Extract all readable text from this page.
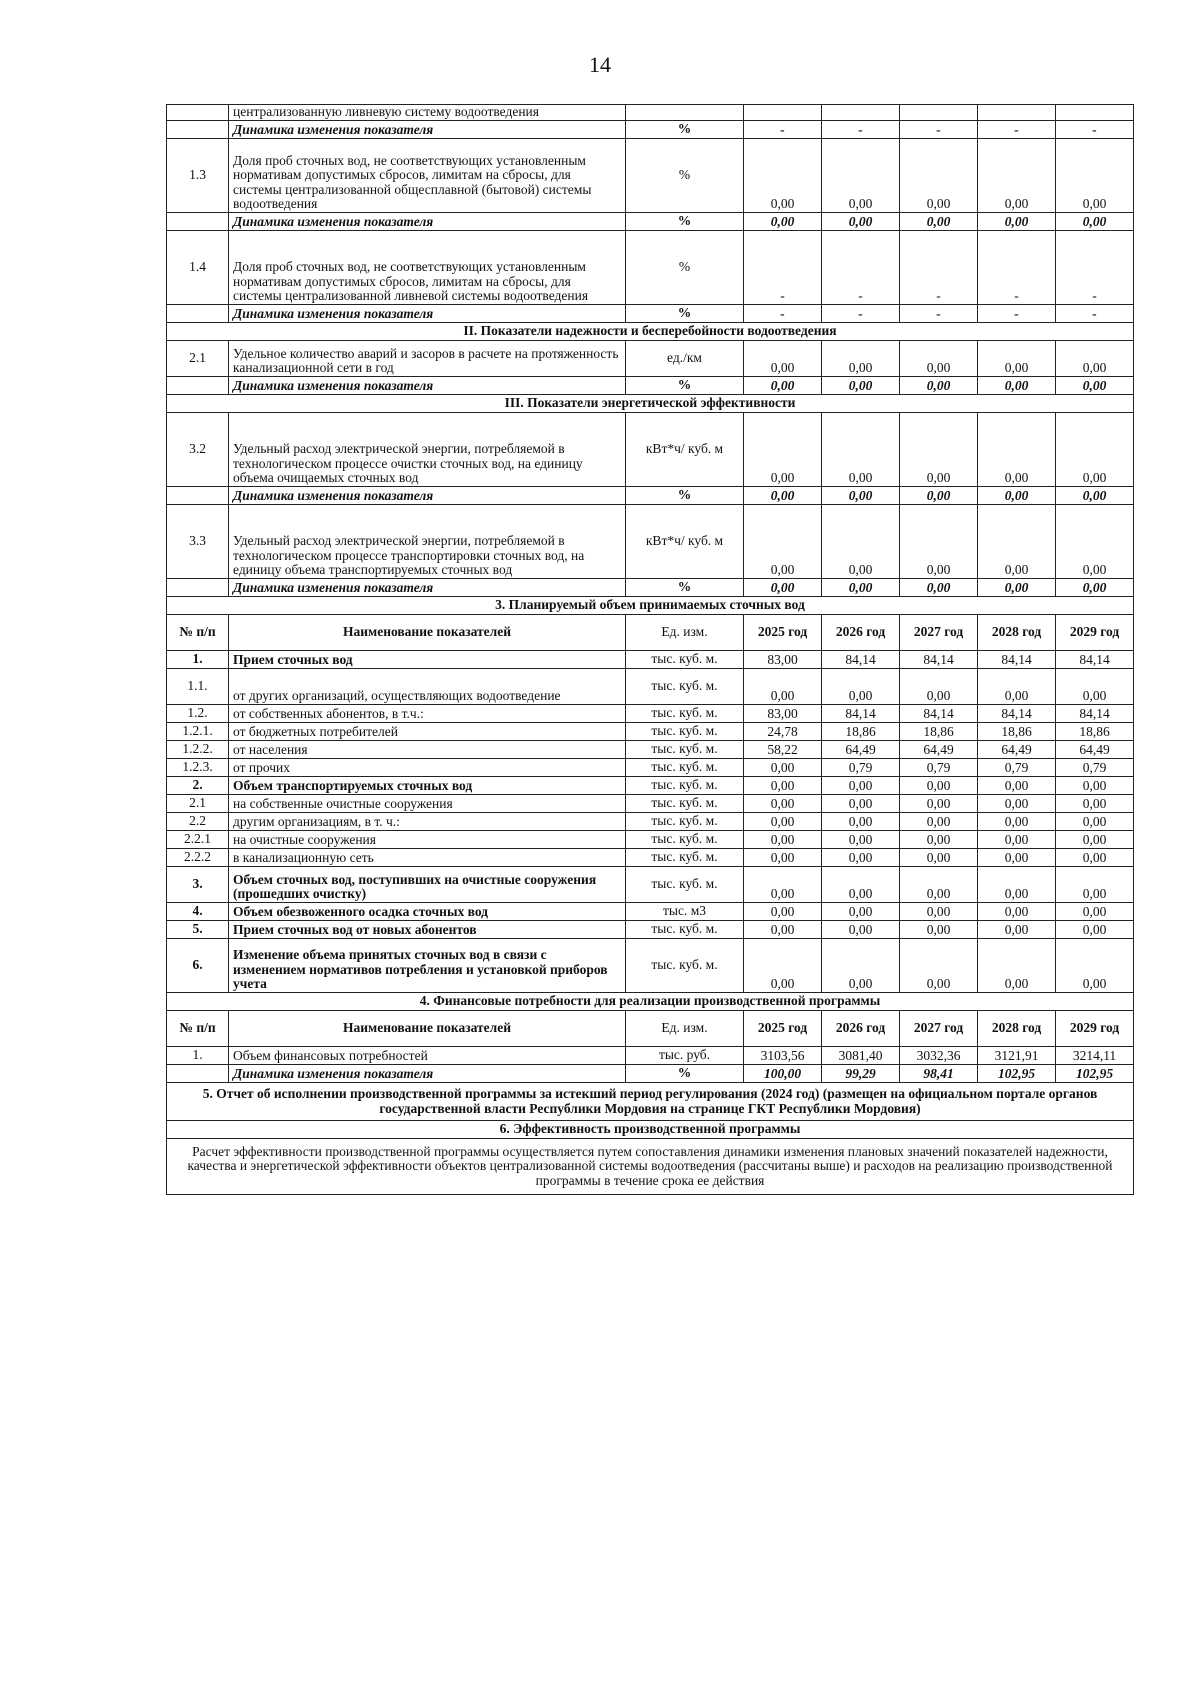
14
	централизованную ливневую систему водоотведения						
	Динамика изменения показателя	%	-	-	-	-	-
1.3	Доля проб сточных вод, не соответствующих установленным нормативам допустимых сбросов, лимитам на сбросы, для системы централизованной общесплавной (бытовой) системы водоотведения	%	0,00	0,00	0,00	0,00	0,00
	Динамика изменения показателя	%	0,00	0,00	0,00	0,00	0,00
1.4	Доля проб сточных вод, не соответствующих установленным нормативам допустимых сбросов, лимитам на сбросы, для системы централизованной ливневой системы водоотведения	%	-	-	-	-	-
	Динамика изменения показателя	%	-	-	-	-	-
II. Показатели надежности и бесперебойности водоотведения							
2.1	Удельное количество аварий и засоров в расчете на протяженность канализационной сети в год	ед./км	0,00	0,00	0,00	0,00	0,00
	Динамика изменения показателя	%	0,00	0,00	0,00	0,00	0,00
III. Показатели энергетической эффективности							
3.2	Удельный расход электрической энергии, потребляемой в технологическом процессе очистки сточных вод, на единицу объема очищаемых сточных вод	кВт*ч/ куб. м	0,00	0,00	0,00	0,00	0,00
	Динамика изменения показателя	%	0,00	0,00	0,00	0,00	0,00
3.3	Удельный расход электрической энергии, потребляемой в технологическом процессе транспортировки сточных вод, на единицу объема транспортируемых сточных вод	кВт*ч/ куб. м	0,00	0,00	0,00	0,00	0,00
	Динамика изменения показателя	%	0,00	0,00	0,00	0,00	0,00
3. Планируемый объем принимаемых сточных вод							
№ п/п	Наименование показателей	Ед. изм.	2025 год	2026 год	2027 год	2028 год	2029 год
1.	Прием сточных вод	тыс. куб. м.	83,00	84,14	84,14	84,14	84,14
1.1.	от других организаций, осуществляющих водоотведение	тыс. куб. м.	0,00	0,00	0,00	0,00	0,00
1.2.	от собственных абонентов, в т.ч.:	тыс. куб. м.	83,00	84,14	84,14	84,14	84,14
1.2.1.	от бюджетных потребителей	тыс. куб. м.	24,78	18,86	18,86	18,86	18,86
1.2.2.	от населения	тыс. куб. м.	58,22	64,49	64,49	64,49	64,49
1.2.3.	от прочих	тыс. куб. м.	0,00	0,79	0,79	0,79	0,79
2.	Объем транспортируемых сточных вод	тыс. куб. м.	0,00	0,00	0,00	0,00	0,00
2.1	на собственные очистные сооружения	тыс. куб. м.	0,00	0,00	0,00	0,00	0,00
2.2	другим организациям, в т. ч.:	тыс. куб. м.	0,00	0,00	0,00	0,00	0,00
2.2.1	на очистные сооружения	тыс. куб. м.	0,00	0,00	0,00	0,00	0,00
2.2.2	в канализационную сеть	тыс. куб. м.	0,00	0,00	0,00	0,00	0,00
3.	Объем сточных вод, поступивших на очистные сооружения (прошедших очистку)	тыс. куб. м.	0,00	0,00	0,00	0,00	0,00
4.	Объем обезвоженного осадка сточных вод	тыс. м3	0,00	0,00	0,00	0,00	0,00
5.	Прием сточных вод от новых абонентов	тыс. куб. м.	0,00	0,00	0,00	0,00	0,00
6.	Изменение объема принятых сточных вод в связи с изменением нормативов потребления и установкой приборов учета	тыс. куб. м.	0,00	0,00	0,00	0,00	0,00
4. Финансовые потребности для реализации производственной программы							
№ п/п	Наименование показателей	Ед. изм.	2025 год	2026 год	2027 год	2028 год	2029 год
1.	Объем финансовых потребностей	тыс. руб.	3103,56	3081,40	3032,36	3121,91	3214,11
	Динамика изменения показателя	%	100,00	99,29	98,41	102,95	102,95
5. Отчет об исполнении производственной программы за истекший период регулирования (2024 год) (размещен на официальном портале органов государственной власти Республики Мордовия на странице ГКТ Республики Мордовия)							
6. Эффективность производственной программы							
Расчет эффективности производственной программы осуществляется путем сопоставления динамики изменения плановых значений показателей надежности, качества и энергетической эффективности объектов централизованной системы водоотведения (рассчитаны выше) и расходов на реализацию производственной программы в течение срока ее действия							
